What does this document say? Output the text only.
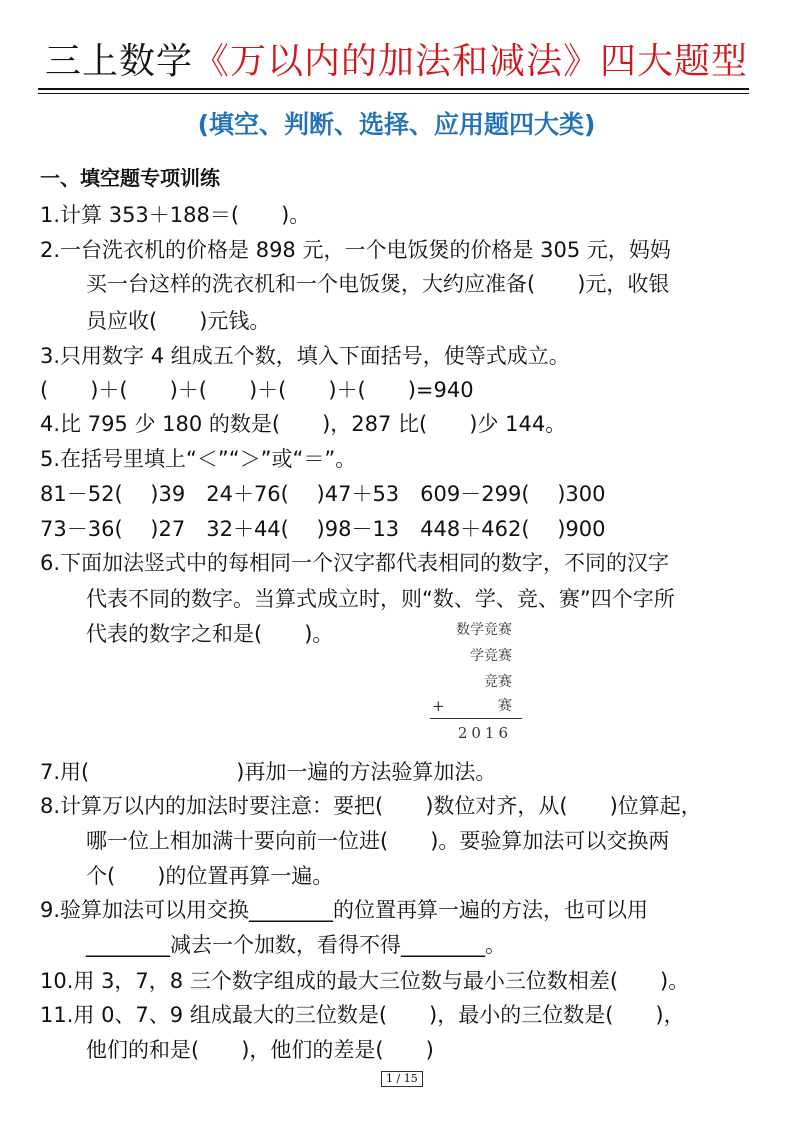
三上数学《万以内的加法和减法》四大题型
(填空、判断、选择、应用题四大类)
一、填空题专项训练
1.计算 353＋188＝(　　)。
2.一台洗衣机的价格是 898 元，一个电饭煲的价格是 305 元，妈妈
买一台这样的洗衣机和一个电饭煲，大约应准备(　　)元，收银
员应收(　　)元钱。
3.只用数字 4 组成五个数，填入下面括号，使等式成立。
(　　)＋(　　)＋(　　)＋(　　)＋(　　)=940
4.比 795 少 180 的数是(　　)，287 比(　　)少 144。
5.在括号里填上“＜”“＞”或“＝”。
81－52(　 )39　24＋76(　 )47＋53　609－299(　 )300
73－36(　 )27　32＋44(　 )98－13　448＋462(　 )900
6.下面加法竖式中的每相同一个汉字都代表相同的数字，不同的汉字
代表不同的数字。当算式成立时，则“数、学、竞、赛”四个字所
代表的数字之和是(　　)。	数学竞赛
学竞赛
竞赛
+	赛
2016
7.用(　　　　　　　)再加一遍的方法验算加法。
8.计算万以内的加法时要注意：要把(　　)数位对齐，从(　　)位算起，
哪一位上相加满十要向前一位进(　　)。要验算加法可以交换两
个(　　)的位置再算一遍。
9.验算加法可以用交换________的位置再算一遍的方法，也可以用
________减去一个加数，看得不得________。
10.用 3，7，8 三个数字组成的最大三位数与最小三位数相差(　　)。
11.用 0、7、9 组成最大的三位数是(　　)，最小的三位数是(　　)，
他们的和是(　　)，他们的差是(　　)
1 / 15
